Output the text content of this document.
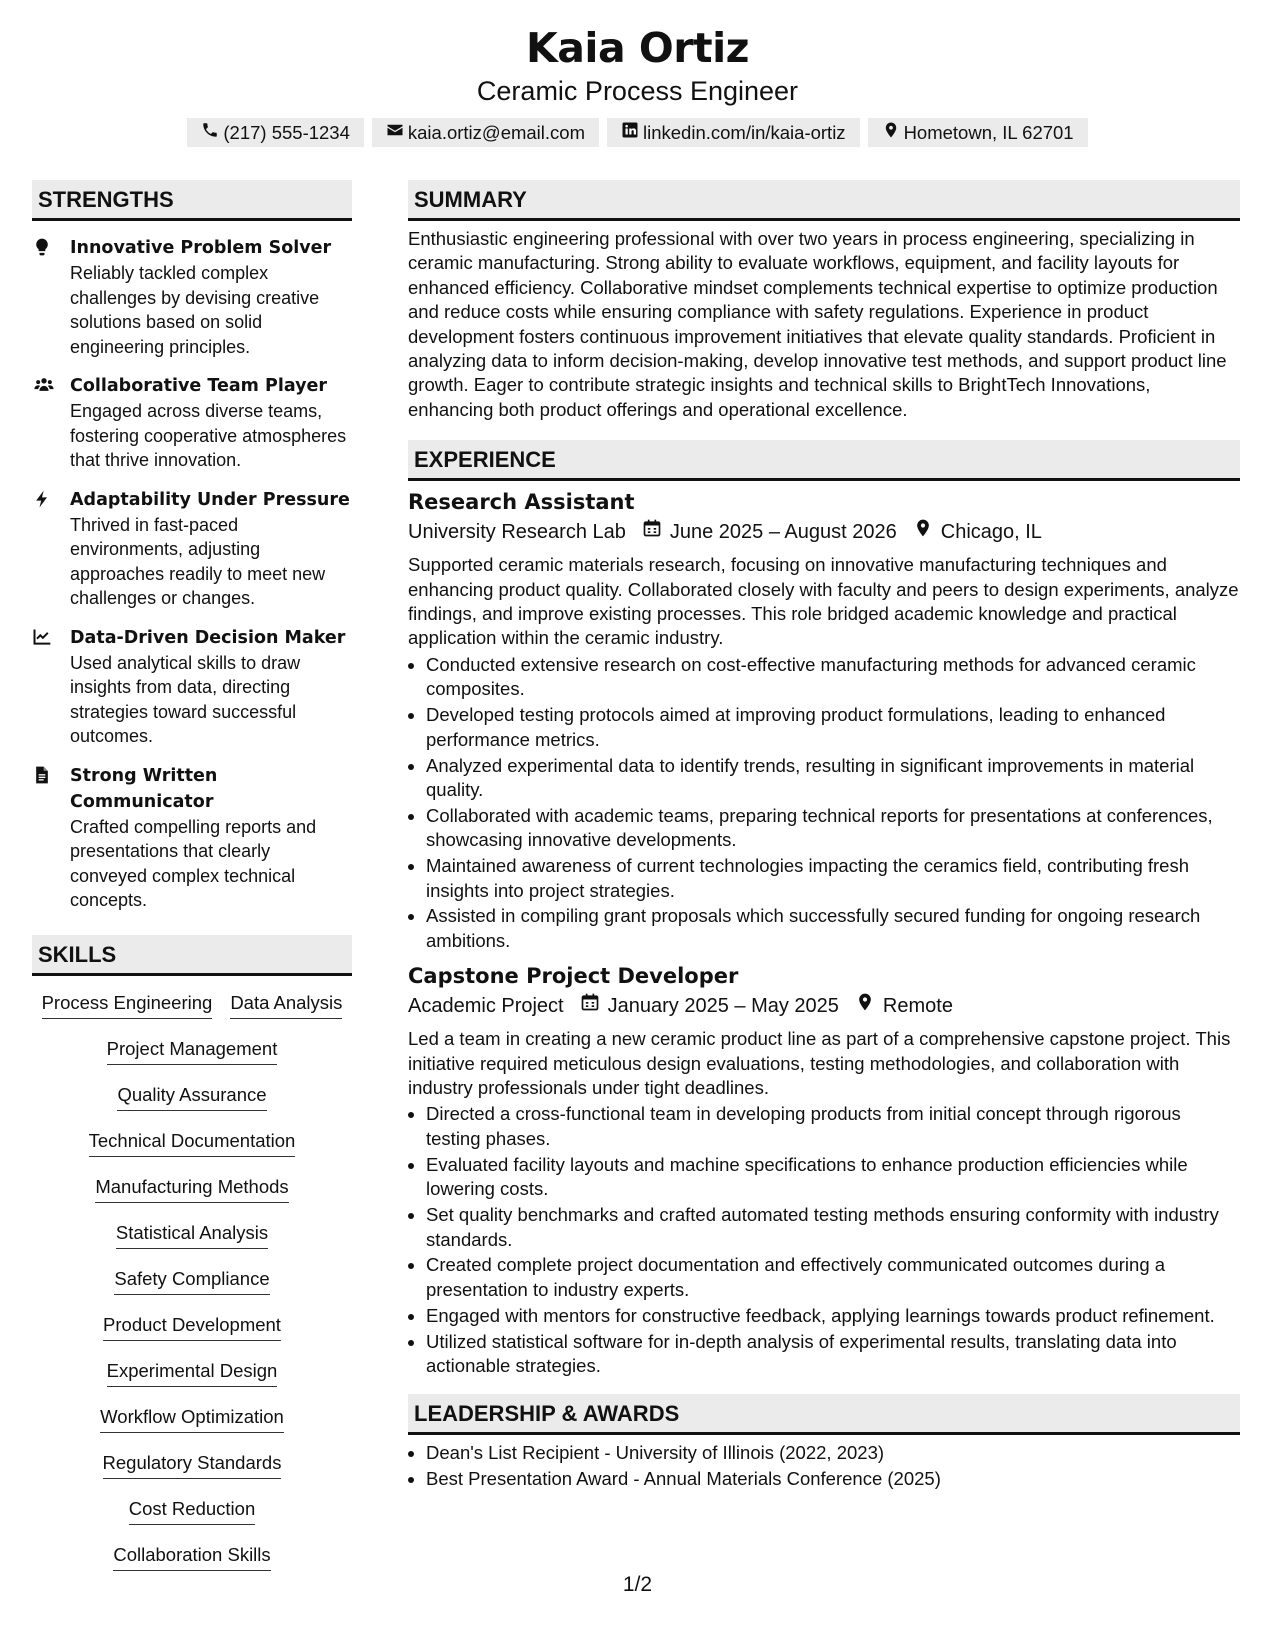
Kaia Ortiz
Ceramic Process Engineer
(217) 555-1234	kaia.ortiz@email.com	linkedin.com/in/kaia-ortiz	Hometown, IL 62701
STRENGTHS
Innovative Problem Solver
Reliably tackled complex challenges by devising creative solutions based on solid engineering principles.
Collaborative Team Player
Engaged across diverse teams, fostering cooperative atmospheres that thrive innovation.
Adaptability Under Pressure
Thrived in fast-paced environments, adjusting approaches readily to meet new challenges or changes.
Data-Driven Decision Maker
Used analytical skills to draw insights from data, directing strategies toward successful outcomes.
Strong Written Communicator
Crafted compelling reports and presentations that clearly conveyed complex technical concepts.
SKILLS
Process Engineering Data Analysis
Project Management
Quality Assurance
Technical Documentation
Manufacturing Methods
Statistical Analysis
Safety Compliance
Product Development
Experimental Design
Workflow Optimization
Regulatory Standards
Cost Reduction
Collaboration Skills
SUMMARY
Enthusiastic engineering professional with over two years in process engineering, specializing in ceramic manufacturing. Strong ability to evaluate workflows, equipment, and facility layouts for enhanced efficiency. Collaborative mindset complements technical expertise to optimize production and reduce costs while ensuring compliance with safety regulations. Experience in product development fosters continuous improvement initiatives that elevate quality standards. Proficient in analyzing data to inform decision-making, develop innovative test methods, and support product line growth. Eager to contribute strategic insights and technical skills to BrightTech Innovations, enhancing both product offerings and operational excellence.
EXPERIENCE
Research Assistant
University Research Lab June 2025 – August 2026 Chicago, IL
Supported ceramic materials research, focusing on innovative manufacturing techniques and enhancing product quality. Collaborated closely with faculty and peers to design experiments, analyze findings, and improve existing processes. This role bridged academic knowledge and practical application within the ceramic industry.
• Conducted extensive research on cost-effective manufacturing methods for advanced ceramic composites.
• Developed testing protocols aimed at improving product formulations, leading to enhanced performance metrics.
• Analyzed experimental data to identify trends, resulting in significant improvements in material quality.
• Collaborated with academic teams, preparing technical reports for presentations at conferences, showcasing innovative developments.
• Maintained awareness of current technologies impacting the ceramics field, contributing fresh insights into project strategies.
• Assisted in compiling grant proposals which successfully secured funding for ongoing research ambitions.
Capstone Project Developer
Academic Project January 2025 – May 2025 Remote
Led a team in creating a new ceramic product line as part of a comprehensive capstone project. This initiative required meticulous design evaluations, testing methodologies, and collaboration with industry professionals under tight deadlines.
• Directed a cross-functional team in developing products from initial concept through rigorous testing phases.
• Evaluated facility layouts and machine specifications to enhance production efficiencies while lowering costs.
• Set quality benchmarks and crafted automated testing methods ensuring conformity with industry standards.
• Created complete project documentation and effectively communicated outcomes during a presentation to industry experts.
• Engaged with mentors for constructive feedback, applying learnings towards product refinement.
• Utilized statistical software for in-depth analysis of experimental results, translating data into actionable strategies.
LEADERSHIP & AWARDS
• Dean's List Recipient - University of Illinois (2022, 2023)
• Best Presentation Award - Annual Materials Conference (2025)
1/2
